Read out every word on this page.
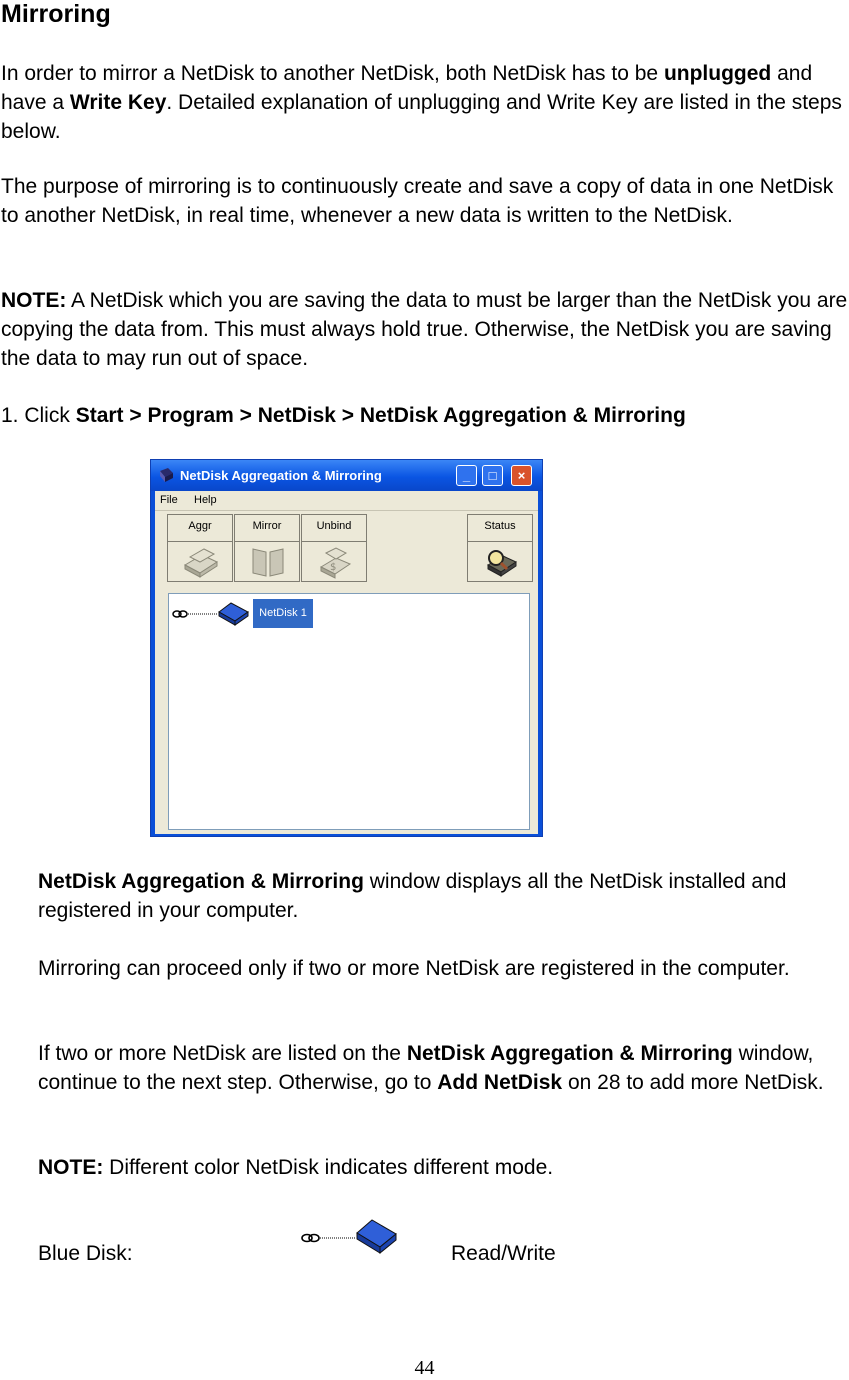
Mirroring

In order to mirror a NetDisk to another NetDisk, both NetDisk has to be unplugged and have a Write Key. Detailed explanation of unplugging and Write Key are listed in the steps below.

The purpose of mirroring is to continuously create and save a copy of data in one NetDisk to another NetDisk, in real time, whenever a new data is written to the NetDisk.

NOTE: A NetDisk which you are saving the data to must be larger than the NetDisk you are copying the data from. This must always hold true. Otherwise, the NetDisk you are saving the data to may run out of space.

1. Click Start > Program > NetDisk > NetDisk Aggregation & Mirroring

NetDisk Aggregation & Mirroring	_	□	×
File Help
Aggr	Mirror	Unbind
$
Status
NetDisk 1

NetDisk Aggregation & Mirroring window displays all the NetDisk installed and registered in your computer.

Mirroring can proceed only if two or more NetDisk are registered in the computer.

If two or more NetDisk are listed on the NetDisk Aggregation & Mirroring window, continue to the next step. Otherwise, go to Add NetDisk on 28 to add more NetDisk.

NOTE: Different color NetDisk indicates different mode.

Blue Disk:	Read/Write
44
